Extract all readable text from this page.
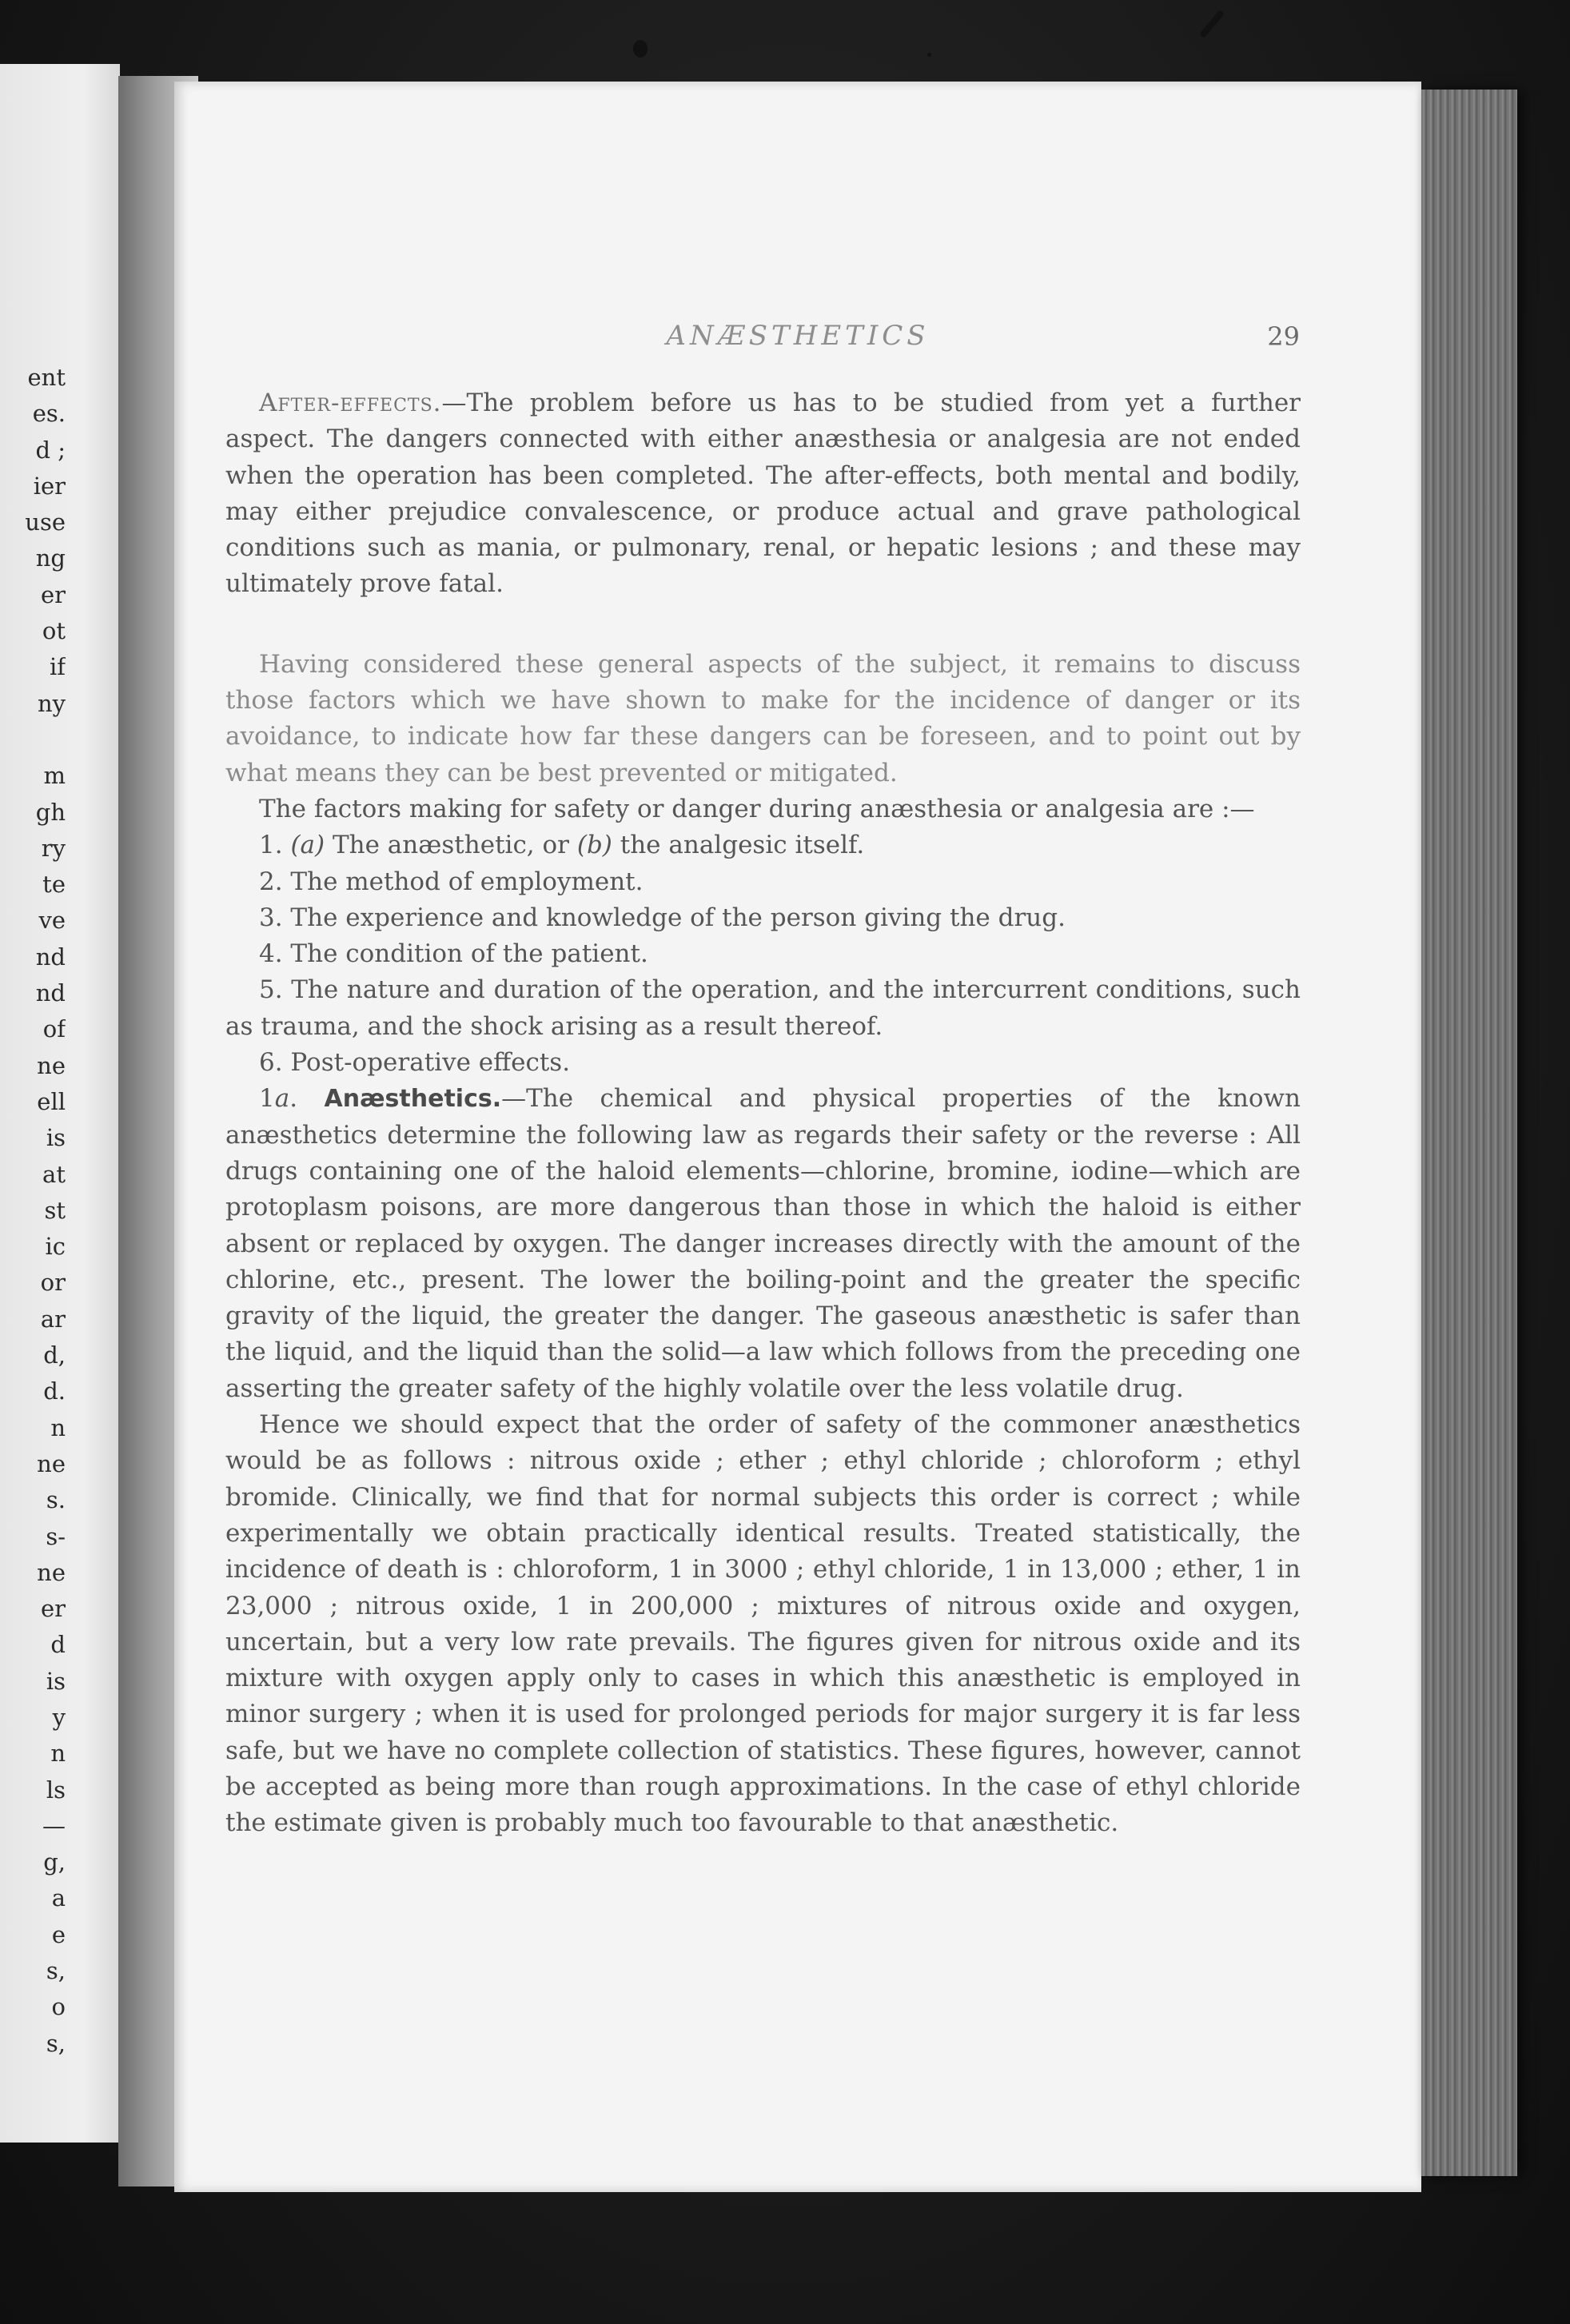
ent
es.
d ;
ier
use
ng
er
ot
if
ny
m
gh
ry
te
ve
nd
nd
of
ne
ell
is
at
st
ic
or
ar
d,
d.
n
ne
s.
s-
ne
er
d
is
y
n
ls
—
g,
a
e
s,
o
s,
ANÆSTHETICS	29

After-effects.—The problem before us has to be studied from yet a further aspect. The dangers connected with either anæsthesia or analgesia are not ended when the operation has been completed. The after-effects, both mental and bodily, may either prejudice convalescence, or produce actual and grave pathological conditions such as mania, or pulmonary, renal, or hepatic lesions ; and these may ultimately prove fatal.

Having considered these general aspects of the subject, it remains to discuss those factors which we have shown to make for the incidence of danger or its avoidance, to indicate how far these dangers can be foreseen, and to point out by what means they can be best prevented or mitigated.

The factors making for safety or danger during anæsthesia or analgesia are :—

1. (a) The anæsthetic, or (b) the analgesic itself.

2. The method of employment.

3. The experience and knowledge of the person giving the drug.

4. The condition of the patient.

5. The nature and duration of the operation, and the intercurrent conditions, such as trauma, and the shock arising as a result thereof.

6. Post-operative effects.

1a. Anæsthetics.—The chemical and physical properties of the known anæsthetics determine the following law as regards their safety or the reverse : All drugs containing one of the haloid elements—chlorine, bromine, iodine—which are protoplasm poisons, are more dangerous than those in which the haloid is either absent or replaced by oxygen. The danger increases directly with the amount of the chlorine, etc., present. The lower the boiling-point and the greater the specific gravity of the liquid, the greater the danger. The gaseous anæsthetic is safer than the liquid, and the liquid than the solid—a law which follows from the preceding one asserting the greater safety of the highly volatile over the less volatile drug.

Hence we should expect that the order of safety of the commoner anæsthetics would be as follows : nitrous oxide ; ether ; ethyl chloride ; chloroform ; ethyl bromide. Clinically, we find that for normal subjects this order is correct ; while experimentally we obtain practically identical results. Treated statistically, the incidence of death is : chloroform, 1 in 3000 ; ethyl chloride, 1 in 13,000 ; ether, 1 in 23,000 ; nitrous oxide, 1 in 200,000 ; mixtures of nitrous oxide and oxygen, uncertain, but a very low rate prevails. The figures given for nitrous oxide and its mixture with oxygen apply only to cases in which this anæsthetic is employed in minor surgery ; when it is used for prolonged periods for major surgery it is far less safe, but we have no complete collection of statistics. These figures, however, cannot be accepted as being more than rough approximations. In the case of ethyl chloride the estimate given is probably much too favourable to that anæsthetic.
